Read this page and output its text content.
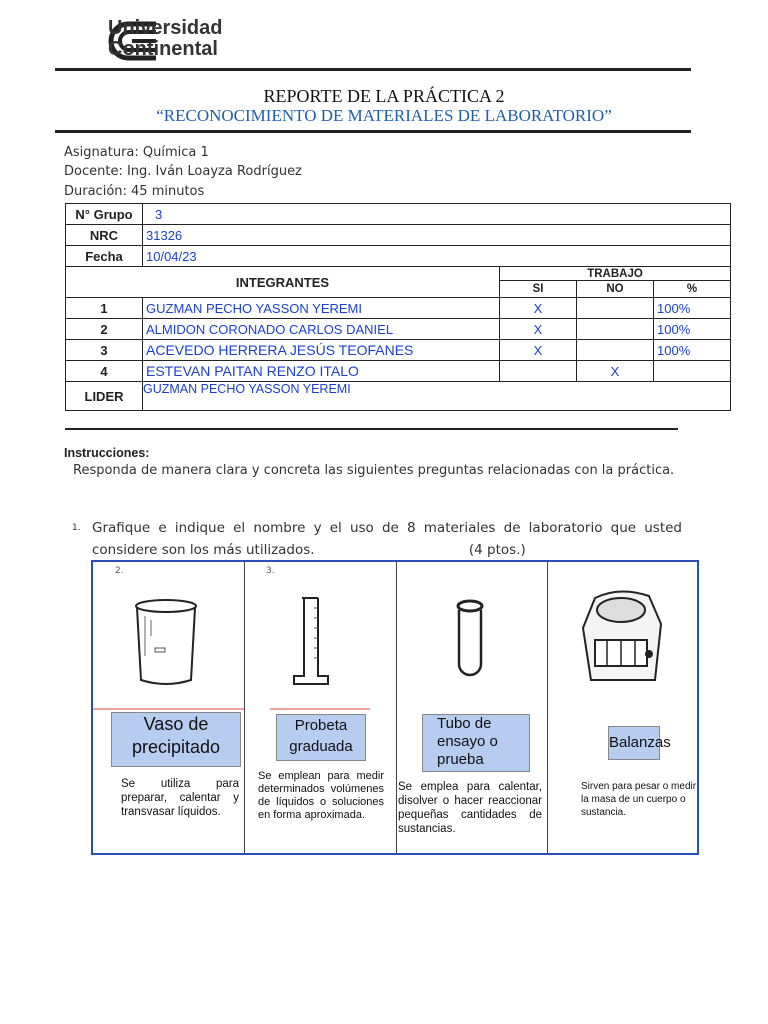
Universidad
Continental
REPORTE DE LA PRÁCTICA 2
“RECONOCIMIENTO DE MATERIALES DE LABORATORIO”
Asignatura: Química 1
Docente: Ing. Iván Loayza Rodríguez
Duración: 45 minutos
N° Grupo	3			
NRC	31326			
Fecha	10/04/23			
INTEGRANTES		TRABAJO		
		SI	NO	%
1	GUZMAN PECHO YASSON YEREMI	X		100%
2	ALMIDON CORONADO CARLOS DANIEL	X		100%
3	ACEVEDO HERRERA JESÚS TEOFANES	X		100%
4	ESTEVAN PAITAN RENZO ITALO		X	
LIDER	GUZMAN PECHO YASSON YEREMI			
Instrucciones:
Responda de manera clara y concreta las siguientes preguntas relacionadas con la práctica.
1. Grafique e indique el nombre y el uso de 8 materiales de laboratorio que usted considere son los más utilizados.	(4 ptos.)
2.
Vaso de precipitado
Se utiliza para preparar, calentar y transvasar líquidos.
3.
Probeta graduada
Se emplean para medir determinados volúmenes de líquidos o soluciones en forma aproximada.
Tubo de ensayo o prueba
Se emplea para calentar, disolver o hacer reaccionar pequeñas cantidades de sustancias.
Balanzas
Sirven para pesar o medir la masa de un cuerpo o sustancia.
